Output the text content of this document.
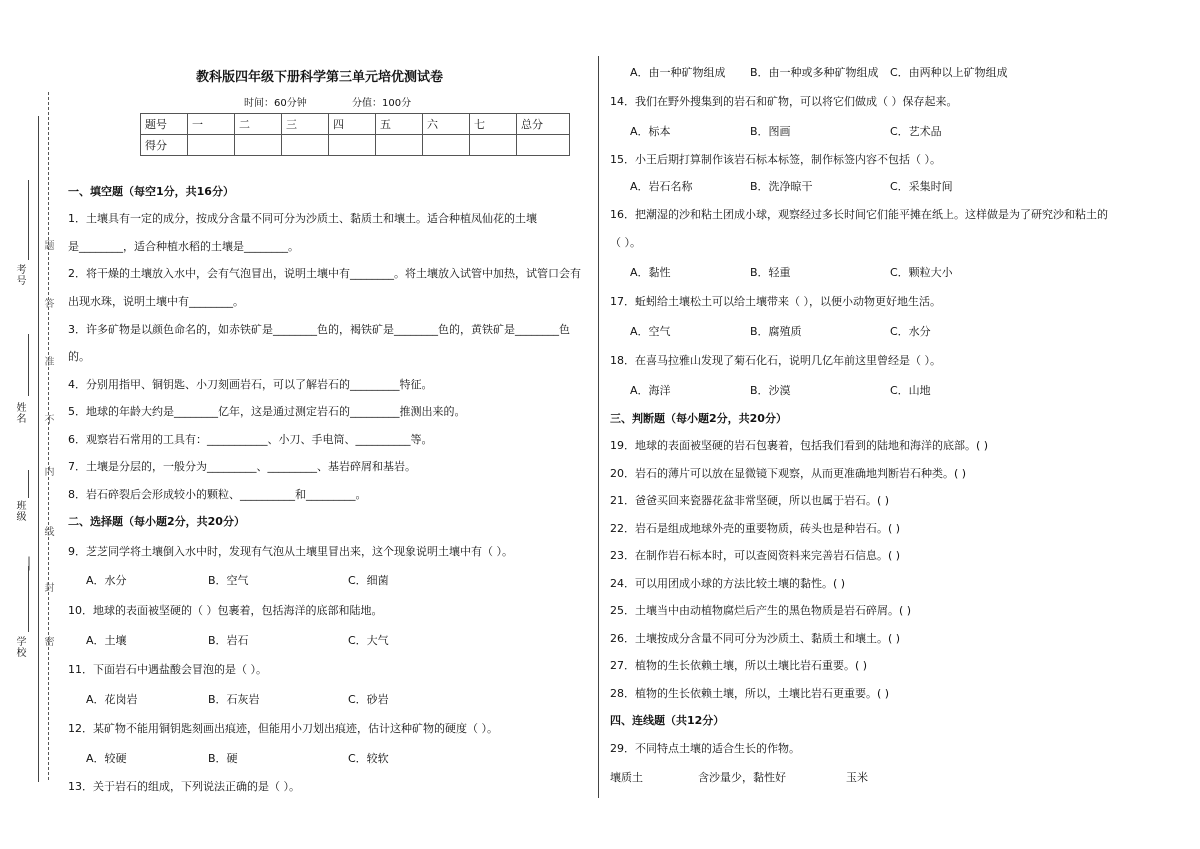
学校
班级
姓名
考号
题
答
准
不
内
线
封
密
教科版四年级下册科学第三单元培优测试卷
时间：60分钟	分值：100分
题号	一	二	三	四	五	六	七	总分
得分								
一、填空题（每空1分，共16分）
1．土壤具有一定的成分，按成分含量不同可分为沙质土、黏质土和壤土。适合种植凤仙花的土壤
是________，适合种植水稻的土壤是________。
2．将干燥的土壤放入水中，会有气泡冒出，说明土壤中有________。将土壤放入试管中加热，试管口会有
出现水珠，说明土壤中有________。
3．许多矿物是以颜色命名的，如赤铁矿是________色的，褐铁矿是________色的，黄铁矿是________色
的。
4．分别用指甲、铜钥匙、小刀刻画岩石，可以了解岩石的_________特征。
5．地球的年龄大约是________亿年，这是通过测定岩石的_________推测出来的。
6．观察岩石常用的工具有：___________、小刀、手电筒、__________等。
7．土壤是分层的，一般分为_________、_________、基岩碎屑和基岩。
8．岩石碎裂后会形成较小的颗粒、__________和_________。
二、选择题（每小题2分，共20分）
9．芝芝同学将土壤倒入水中时，发现有气泡从土壤里冒出来，这个现象说明土壤中有（ ）。
A．水分	B．空气	C．细菌
10．地球的表面被坚硬的（ ）包裹着，包括海洋的底部和陆地。
A．土壤	B．岩石	C．大气
11．下面岩石中遇盐酸会冒泡的是（ ）。
A．花岗岩	B．石灰岩	C．砂岩
12．某矿物不能用铜钥匙刻画出痕迹，但能用小刀划出痕迹，估计这种矿物的硬度（ ）。
A．较硬	B．硬	C．较软
13．关于岩石的组成，下列说法正确的是（ ）。
A．由一种矿物组成 B．由一种或多种矿物组成 C．由两种以上矿物组成
14．我们在野外搜集到的岩石和矿物，可以将它们做成（ ）保存起来。
A．标本	B．图画	C．艺术品
15．小王后期打算制作该岩石标本标签，制作标签内容不包括（ ）。
A．岩石名称	B．洗净晾干	C．采集时间
16．把潮湿的沙和粘土团成小球，观察经过多长时间它们能平摊在纸上。这样做是为了研究沙和粘土的
（ ）。
A．黏性	B．轻重	C．颗粒大小
17．蚯蚓给土壤松土可以给土壤带来（ ），以便小动物更好地生活。
A．空气	B．腐殖质	C．水分
18．在喜马拉雅山发现了菊石化石，说明几亿年前这里曾经是（ ）。
A．海洋	B．沙漠	C．山地
三、判断题（每小题2分，共20分）
19．地球的表面被坚硬的岩石包裹着，包括我们看到的陆地和海洋的底部。( )
20．岩石的薄片可以放在显微镜下观察，从而更准确地判断岩石种类。( )
21．爸爸买回来瓷器花盆非常坚硬，所以也属于岩石。( )
22．岩石是组成地球外壳的重要物质，砖头也是种岩石。( )
23．在制作岩石标本时，可以查阅资料来完善岩石信息。( )
24．可以用团成小球的方法比较土壤的黏性。( )
25．土壤当中由动植物腐烂后产生的黑色物质是岩石碎屑。( )
26．土壤按成分含量不同可分为沙质土、黏质土和壤土。( )
27．植物的生长依赖土壤，所以土壤比岩石重要。( )
28．植物的生长依赖土壤，所以，土壤比岩石更重要。( )
四、连线题（共12分）
29．不同特点土壤的适合生长的作物。
壤质土	含沙量少，黏性好	玉米
